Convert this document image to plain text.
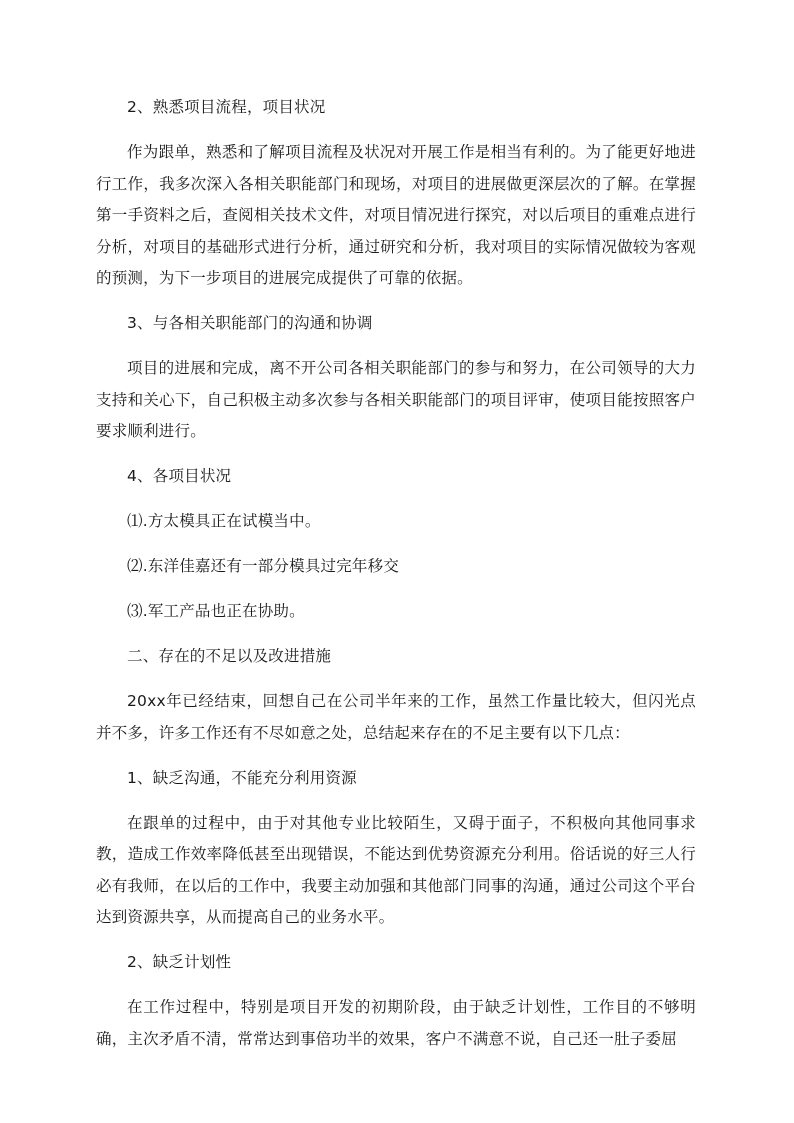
2、熟悉项目流程，项目状况

作为跟单，熟悉和了解项目流程及状况对开展工作是相当有利的。为了能更好地进行工作，我多次深入各相关职能部门和现场，对项目的进展做更深层次的了解。在掌握第一手资料之后，查阅相关技术文件，对项目情况进行探究，对以后项目的重难点进行分析，对项目的基础形式进行分析，通过研究和分析，我对项目的实际情况做较为客观的预测，为下一步项目的进展完成提供了可靠的依据。

3、与各相关职能部门的沟通和协调

项目的进展和完成，离不开公司各相关职能部门的参与和努力，在公司领导的大力支持和关心下，自己积极主动多次参与各相关职能部门的项目评审，使项目能按照客户要求顺利进行。

4、各项目状况

⑴.方太模具正在试模当中。

⑵.东洋佳嘉还有一部分模具过完年移交

⑶.军工产品也正在协助。

二、存在的不足以及改进措施

20xx年已经结束，回想自己在公司半年来的工作，虽然工作量比较大，但闪光点并不多，许多工作还有不尽如意之处，总结起来存在的不足主要有以下几点：

1、缺乏沟通，不能充分利用资源

在跟单的过程中，由于对其他专业比较陌生，又碍于面子，不积极向其他同事求教，造成工作效率降低甚至出现错误，不能达到优势资源充分利用。俗话说的好三人行必有我师，在以后的工作中，我要主动加强和其他部门同事的沟通，通过公司这个平台达到资源共享，从而提高自己的业务水平。

2、缺乏计划性

在工作过程中，特别是项目开发的初期阶段，由于缺乏计划性，工作目的不够明确，主次矛盾不清，常常达到事倍功半的效果，客户不满意不说，自己还一肚子委屈
